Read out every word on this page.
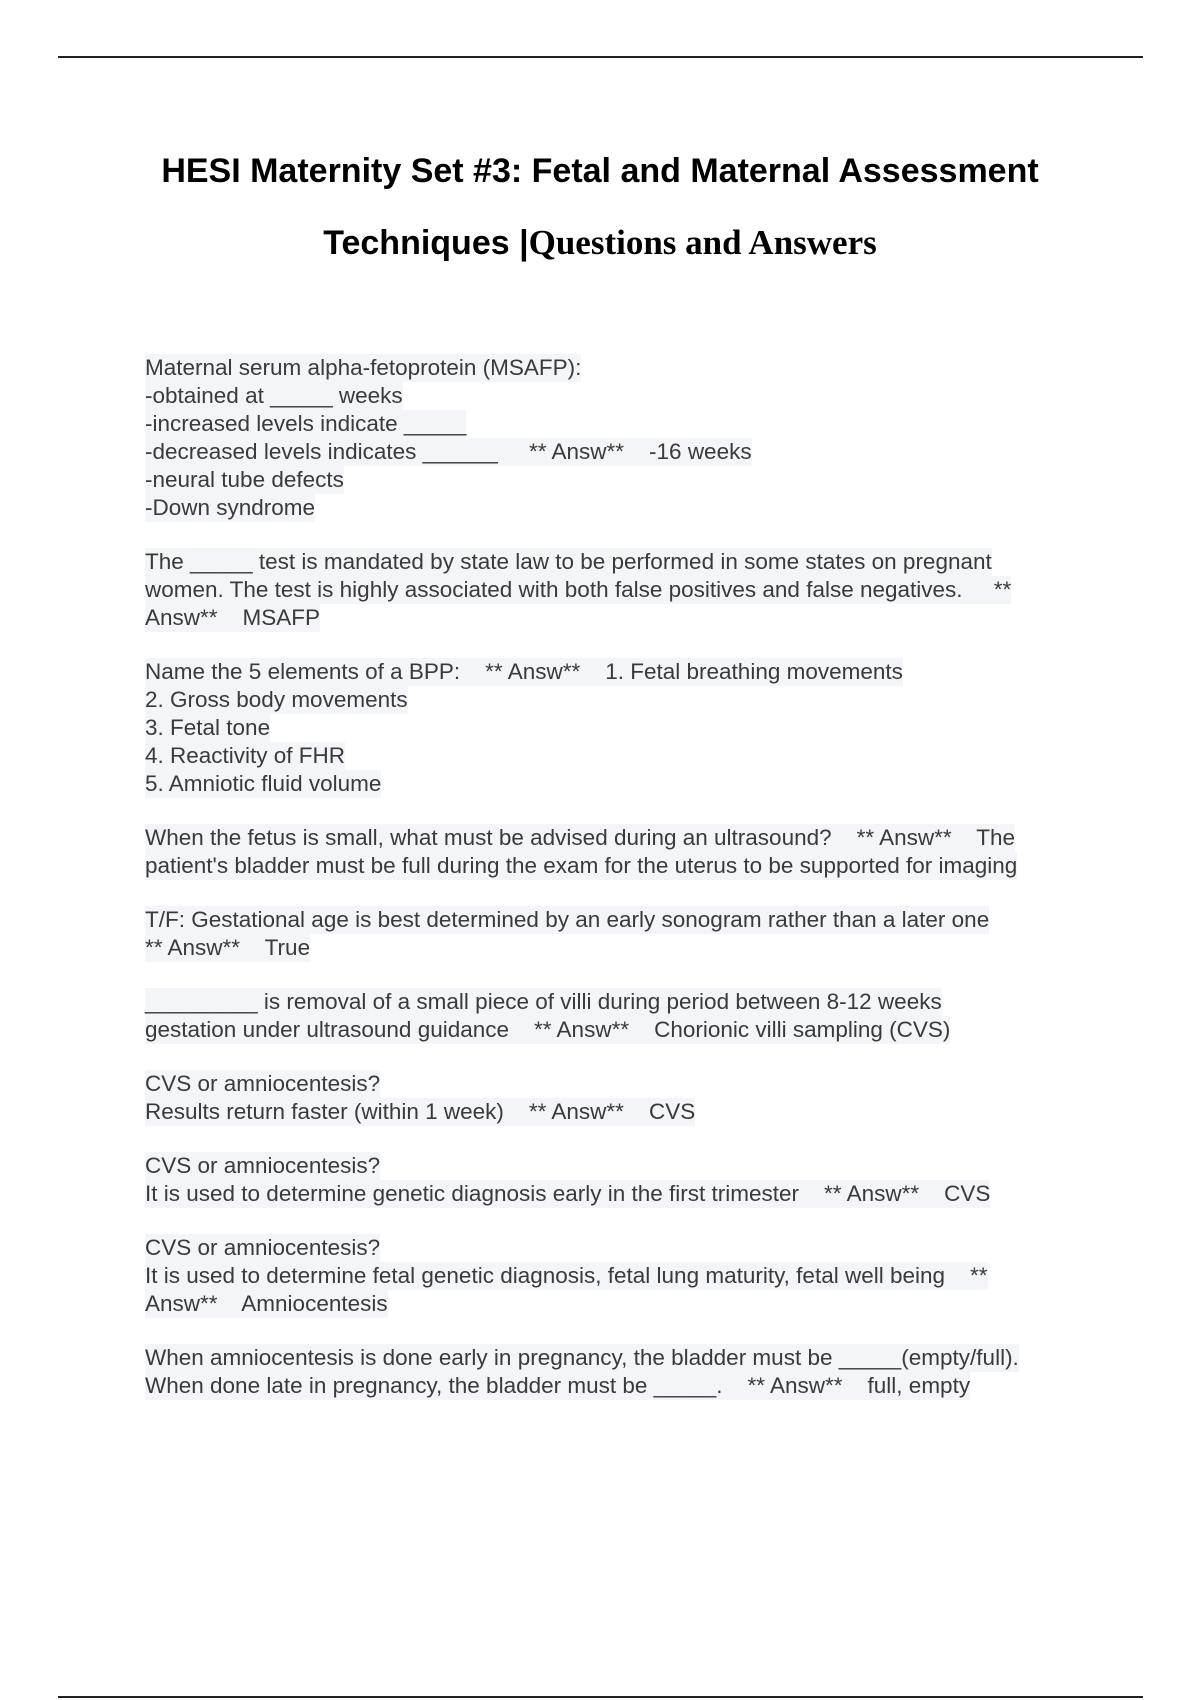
HESI Maternity Set #3: Fetal and Maternal Assessment
Techniques |Questions and Answers
Maternal serum alpha-fetoprotein (MSAFP):
-obtained at _____ weeks
-increased levels indicate _____
-decreased levels indicates ______     ** Answ**    -16 weeks
-neural tube defects
-Down syndrome
The _____ test is mandated by state law to be performed in some states on pregnant
women. The test is highly associated with both false positives and false negatives.     **
Answ**    MSAFP
Name the 5 elements of a BPP:    ** Answ**    1. Fetal breathing movements
2. Gross body movements
3. Fetal tone
4. Reactivity of FHR
5. Amniotic fluid volume
When the fetus is small, what must be advised during an ultrasound?    ** Answ**    The
patient's bladder must be full during the exam for the uterus to be supported for imaging
T/F: Gestational age is best determined by an early sonogram rather than a later one
** Answ**    True
_________ is removal of a small piece of villi during period between 8-12 weeks
gestation under ultrasound guidance    ** Answ**    Chorionic villi sampling (CVS)
CVS or amniocentesis?
Results return faster (within 1 week)    ** Answ**    CVS
CVS or amniocentesis?
It is used to determine genetic diagnosis early in the first trimester    ** Answ**    CVS
CVS or amniocentesis?
It is used to determine fetal genetic diagnosis, fetal lung maturity, fetal well being    **
Answ**    Amniocentesis
When amniocentesis is done early in pregnancy, the bladder must be _____(empty/full).
When done late in pregnancy, the bladder must be _____.    ** Answ**    full, empty
